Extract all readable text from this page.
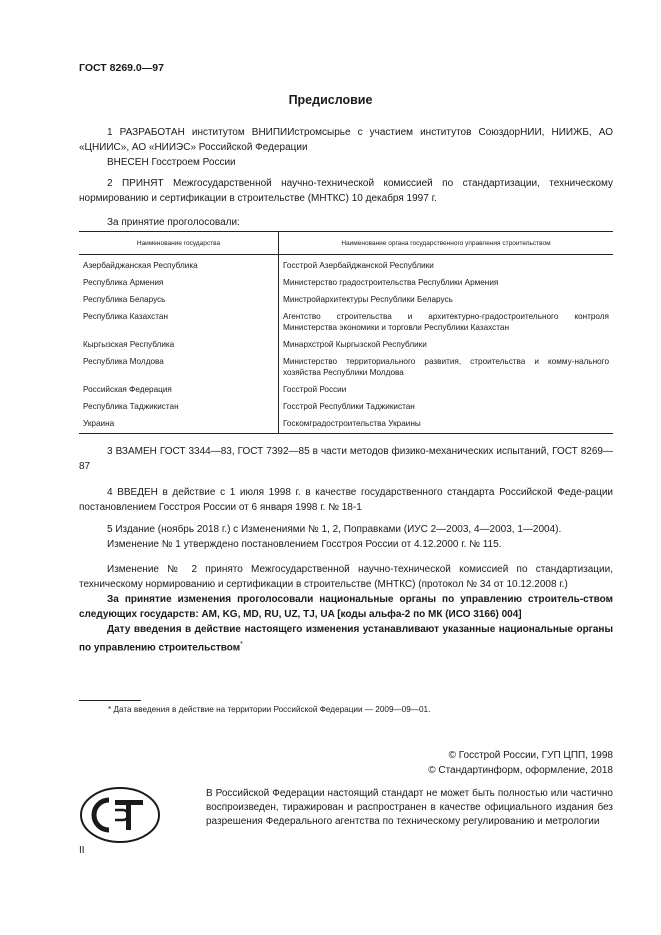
ГОСТ 8269.0—97
Предисловие
1 РАЗРАБОТАН институтом ВНИПИИстромсырье с участием институтов СоюздорНИИ, НИИЖБ, АО «ЦНИИС», АО «НИИЭС» Российской Федерации
ВНЕСЕН Госстроем России
2 ПРИНЯТ Межгосударственной научно-технической комиссией по стандартизации, техническому нормированию и сертификации в строительстве (МНТКС) 10 декабря 1997 г.
За принятие проголосовали:
Наименование государства	Наименование органа государственного управления строительством
Азербайджанская Республика	Госстрой Азербайджанской Республики
Республика Армения	Министерство градостроительства Республики Армения
Республика Беларусь	Минстройархитектуры Республики Беларусь
Республика Казахстан	Агентство строительства и архитектурно-градостроительного контроля Министерства экономики и торговли Республики Казахстан
Кыргызская Республика	Минархстрой Кыргызской Республики
Республика Молдова	Министерство территориального развития, строительства и комму-нального хозяйства Республики Молдова
Российская Федерация	Госстрой России
Республика Таджикистан	Госстрой Республики Таджикистан
Украина	Госкомградостроительства Украины
3 ВЗАМЕН ГОСТ 3344—83, ГОСТ 7392—85 в части методов физико-механических испытаний, ГОСТ 8269—87
4 ВВЕДЕН в действие с 1 июля 1998 г. в качестве государственного стандарта Российской Феде-рации постановлением Госстроя России от 6 января 1998 г. № 18-1
5 Издание (ноябрь 2018 г.) с Изменениями № 1, 2, Поправками (ИУС 2—2003, 4—2003, 1—2004).
Изменение № 1 утверждено постановлением Госстроя России от 4.12.2000 г. № 115.
Изменение № 2 принято Межгосударственной научно-технической комиссией по стандартизации, техническому нормированию и сертификации в строительстве (МНТКС) (протокол № 34 от 10.12.2008 г.)
За принятие изменения проголосовали национальные органы по управлению строитель-ством следующих государств: AM, KG, MD, RU, UZ, TJ, UA [коды альфа-2 по МК (ИСО 3166) 004]
Дату введения в действие настоящего изменения устанавливают указанные национальные органы по управлению строительством*
* Дата введения в действие на территории Российской Федерации — 2009—09—01.
© Госстрой России, ГУП ЦПП, 1998
© Стандартинформ, оформление, 2018
В Российской Федерации настоящий стандарт не может быть полностью или частично воспроизведен, тиражирован и распространен в качестве официального издания без разрешения Федерального агентства по техническому регулированию и метрологии
II
